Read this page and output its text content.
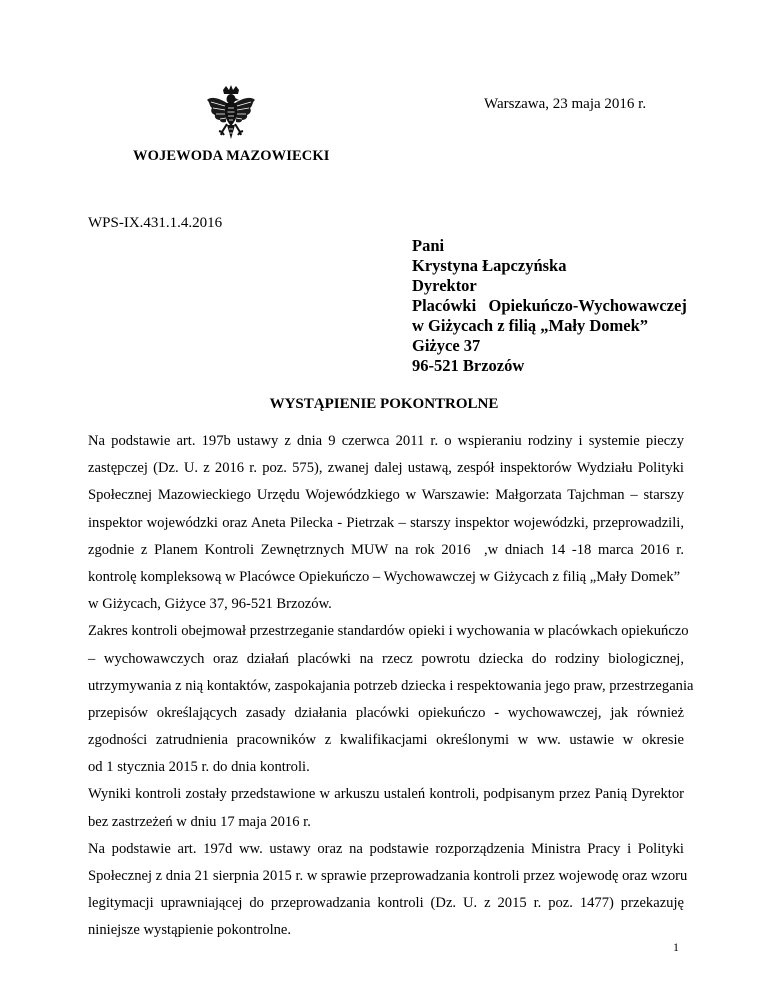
Warszawa, 23 maja 2016 r.
WOJEWODA MAZOWIECKI
WPS-IX.431.1.4.2016
Pani
Krystyna Łapczyńska
Dyrektor
Placówki   Opiekuńczo-Wychowawczej
w Giżycach z filią „Mały Domek”
Giżyce 37
96-521 Brzozów
WYSTĄPIENIE POKONTROLNE
Na podstawie art. 197b ustawy z dnia 9 czerwca 2011 r. o wspieraniu rodziny i systemie pieczy
zastępczej (Dz. U. z 2016 r. poz. 575), zwanej dalej ustawą, zespół inspektorów Wydziału Polityki
Społecznej Mazowieckiego Urzędu Wojewódzkiego w Warszawie: Małgorzata Tajchman – starszy
inspektor wojewódzki oraz Aneta Pilecka - Pietrzak – starszy inspektor wojewódzki, przeprowadzili,
zgodnie z Planem Kontroli Zewnętrznych MUW na rok 2016  ,w dniach 14 -18 marca 2016 r.
kontrolę kompleksową w Placówce Opiekuńczo – Wychowawczej w Giżycach z filią „Mały Domek”
w Giżycach, Giżyce 37, 96-521 Brzozów.
Zakres kontroli obejmował przestrzeganie standardów opieki i wychowania w placówkach opiekuńczo
– wychowawczych oraz działań placówki na rzecz powrotu dziecka do rodziny biologicznej,
utrzymywania z nią kontaktów, zaspokajania potrzeb dziecka i respektowania jego praw, przestrzegania
przepisów określających zasady działania placówki opiekuńczo - wychowawczej, jak również
zgodności zatrudnienia pracowników z kwalifikacjami określonymi w ww. ustawie w okresie
od 1 stycznia 2015 r. do dnia kontroli.
Wyniki kontroli zostały przedstawione w arkuszu ustaleń kontroli, podpisanym przez Panią Dyrektor
bez zastrzeżeń w dniu 17 maja 2016 r.
Na podstawie art. 197d ww. ustawy oraz na podstawie rozporządzenia Ministra Pracy i Polityki
Społecznej z dnia 21 sierpnia 2015 r. w sprawie przeprowadzania kontroli przez wojewodę oraz wzoru
legitymacji uprawniającej do przeprowadzania kontroli (Dz. U. z 2015 r. poz. 1477) przekazuję
niniejsze wystąpienie pokontrolne.
1
